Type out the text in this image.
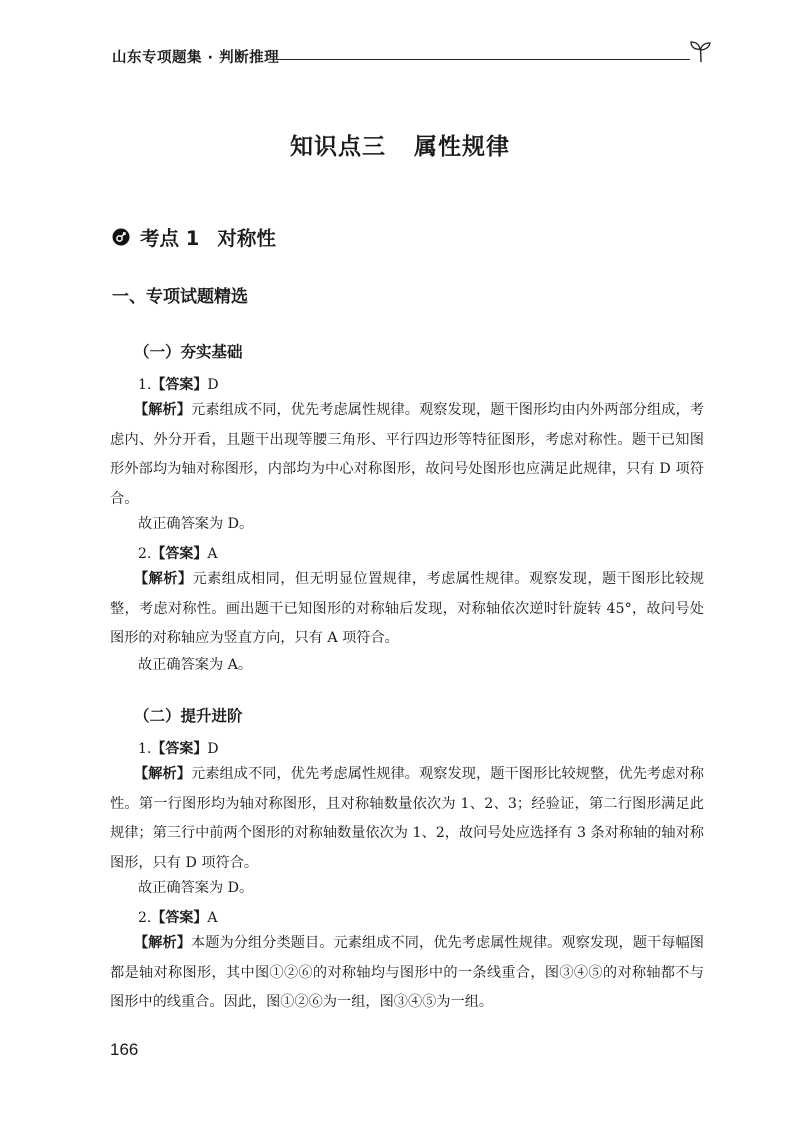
山东专项题集 · 判断推理
知识点三 属性规律
考点 1 对称性
一、专项试题精选
（一）夯实基础
1.【答案】D
【解析】元素组成不同，优先考虑属性规律。观察发现，题干图形均由内外两部分组成，考虑内、外分开看，且题干出现等腰三角形、平行四边形等特征图形，考虑对称性。题干已知图形外部均为轴对称图形，内部均为中心对称图形，故问号处图形也应满足此规律，只有 D 项符合。
故正确答案为 D。
2.【答案】A
【解析】元素组成相同，但无明显位置规律，考虑属性规律。观察发现，题干图形比较规整，考虑对称性。画出题干已知图形的对称轴后发现，对称轴依次逆时针旋转 45°，故问号处图形的对称轴应为竖直方向，只有 A 项符合。
故正确答案为 A。
（二）提升进阶
1.【答案】D
【解析】元素组成不同，优先考虑属性规律。观察发现，题干图形比较规整，优先考虑对称性。第一行图形均为轴对称图形，且对称轴数量依次为 1、2、3；经验证，第二行图形满足此规律；第三行中前两个图形的对称轴数量依次为 1、2，故问号处应选择有 3 条对称轴的轴对称图形，只有 D 项符合。
故正确答案为 D。
2.【答案】A
【解析】本题为分组分类题目。元素组成不同，优先考虑属性规律。观察发现，题干每幅图都是轴对称图形，其中图①②⑥的对称轴均与图形中的一条线重合，图③④⑤的对称轴都不与图形中的线重合。因此，图①②⑥为一组，图③④⑤为一组。
166
